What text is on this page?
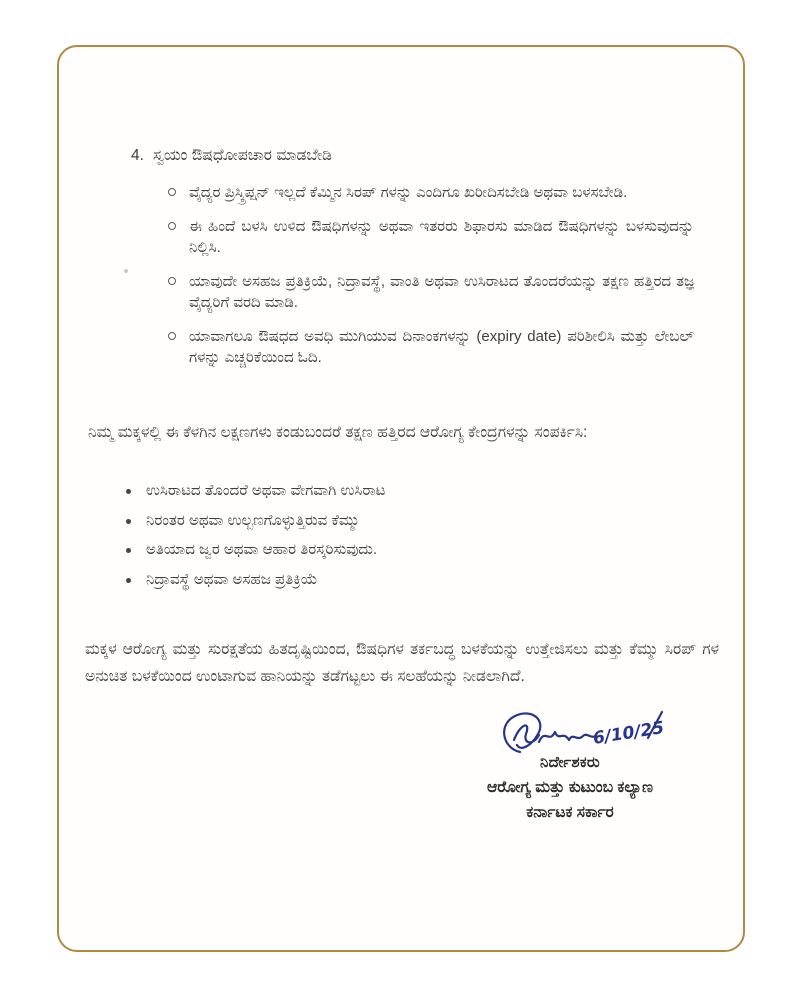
4. ಸ್ವಯಂ ಔಷಧೋಪಚಾರ ಮಾಡಬೇಡಿ
ವೈದ್ಯರ ಪ್ರಿಸ್ಕ್ರಿಪ್ಷನ್ ಇಲ್ಲದೆ ಕೆಮ್ಮಿನ ಸಿರಪ್ ಗಳನ್ನು ಎಂದಿಗೂ ಖರೀದಿಸಬೇಡಿ ಅಥವಾ ಬಳಸಬೇಡಿ.
ಈ ಹಿಂದೆ ಬಳಸಿ ಉಳಿದ ಔಷಧಿಗಳನ್ನು ಅಥವಾ ಇತರರು ಶಿಫಾರಸು ಮಾಡಿದ ಔಷಧಿಗಳನ್ನು ಬಳಸುವುದನ್ನು ನಿಲ್ಲಿಸಿ.
ಯಾವುದೇ ಅಸಹಜ ಪ್ರತಿಕ್ರಿಯೆ, ನಿದ್ರಾವಸ್ಥೆ, ವಾಂತಿ ಅಥವಾ ಉಸಿರಾಟದ ತೊಂದರೆಯನ್ನು ತಕ್ಷಣ ಹತ್ತಿರದ ತಜ್ಞ ವೈದ್ಯರಿಗೆ ವರದಿ ಮಾಡಿ.
ಯಾವಾಗಲೂ ಔಷಧದ ಅವಧಿ ಮುಗಿಯುವ ದಿನಾಂಕಗಳನ್ನು (expiry date) ಪರಿಶೀಲಿಸಿ ಮತ್ತು ಲೇಬಲ್ ಗಳನ್ನು ಎಚ್ಚರಿಕೆಯಿಂದ ಓದಿ.

ನಿಮ್ಮ ಮಕ್ಕಳಲ್ಲಿ ಈ ಕೆಳಗಿನ ಲಕ್ಷಣಗಳು ಕಂಡುಬಂದರೆ ತಕ್ಷಣ ಹತ್ತಿರದ ಆರೋಗ್ಯ ಕೇಂದ್ರಗಳನ್ನು ಸಂಪರ್ಕಿಸಿ:

ಉಸಿರಾಟದ ತೊಂದರೆ ಅಥವಾ ವೇಗವಾಗಿ ಉಸಿರಾಟ
ನಿರಂತರ ಅಥವಾ ಉಲ್ಬಣಗೊಳ್ಳುತ್ತಿರುವ ಕೆಮ್ಮು
ಅತಿಯಾದ ಜ್ವರ ಅಥವಾ ಆಹಾರ ತಿರಸ್ಕರಿಸುವುದು.
ನಿದ್ರಾವಸ್ಥೆ ಅಥವಾ ಅಸಹಜ ಪ್ರತಿಕ್ರಿಯೆ

ಮಕ್ಕಳ ಆರೋಗ್ಯ ಮತ್ತು ಸುರಕ್ಷತೆಯ ಹಿತದೃಷ್ಟಿಯಿಂದ, ಔಷಧಿಗಳ ತರ್ಕಬದ್ಧ ಬಳಕೆಯನ್ನು ಉತ್ತೇಜಿಸಲು ಮತ್ತು ಕೆಮ್ಮು ಸಿರಪ್ ಗಳ ಅನುಚಿತ ಬಳಕೆಯಿಂದ ಉಂಟಾಗುವ ಹಾನಿಯನ್ನು ತಡೆಗಟ್ಟಲು ಈ ಸಲಹೆಯನ್ನು ನೀಡಲಾಗಿದೆ.

6/10/25
ನಿರ್ದೇಶಕರು
ಆರೋಗ್ಯ ಮತ್ತು ಕುಟುಂಬ ಕಲ್ಯಾಣ
ಕರ್ನಾಟಕ ಸರ್ಕಾರ
